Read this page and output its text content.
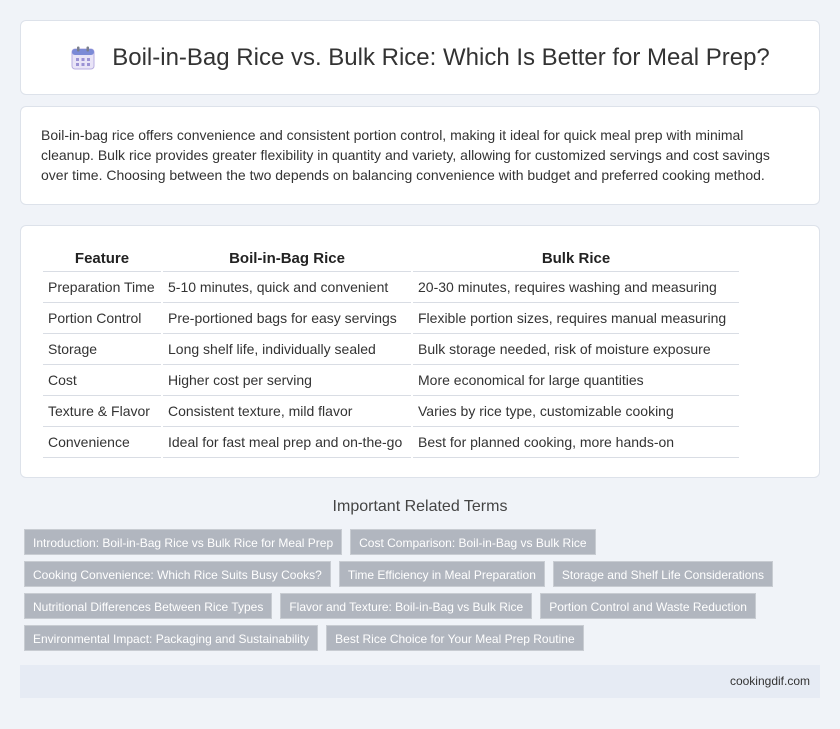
Boil-in-Bag Rice vs. Bulk Rice: Which Is Better for Meal Prep?

Boil-in-bag rice offers convenience and consistent portion control, making it ideal for quick meal prep with minimal cleanup. Bulk rice provides greater flexibility in quantity and variety, allowing for customized servings and cost savings over time. Choosing between the two depends on balancing convenience with budget and preferred cooking method.

Feature	Boil-in-Bag Rice	Bulk Rice
Preparation Time	5-10 minutes, quick and convenient	20-30 minutes, requires washing and measuring
Portion Control	Pre-portioned bags for easy servings	Flexible portion sizes, requires manual measuring
Storage	Long shelf life, individually sealed	Bulk storage needed, risk of moisture exposure
Cost	Higher cost per serving	More economical for large quantities
Texture & Flavor	Consistent texture, mild flavor	Varies by rice type, customizable cooking
Convenience	Ideal for fast meal prep and on-the-go	Best for planned cooking, more hands-on
Important Related Terms
Introduction: Boil-in-Bag Rice vs Bulk Rice for Meal Prep	Cost Comparison: Boil-in-Bag vs Bulk Rice
Cooking Convenience: Which Rice Suits Busy Cooks?	Time Efficiency in Meal Preparation	Storage and Shelf Life Considerations
Nutritional Differences Between Rice Types	Flavor and Texture: Boil-in-Bag vs Bulk Rice	Portion Control and Waste Reduction
Environmental Impact: Packaging and Sustainability	Best Rice Choice for Your Meal Prep Routine
cookingdif.com
